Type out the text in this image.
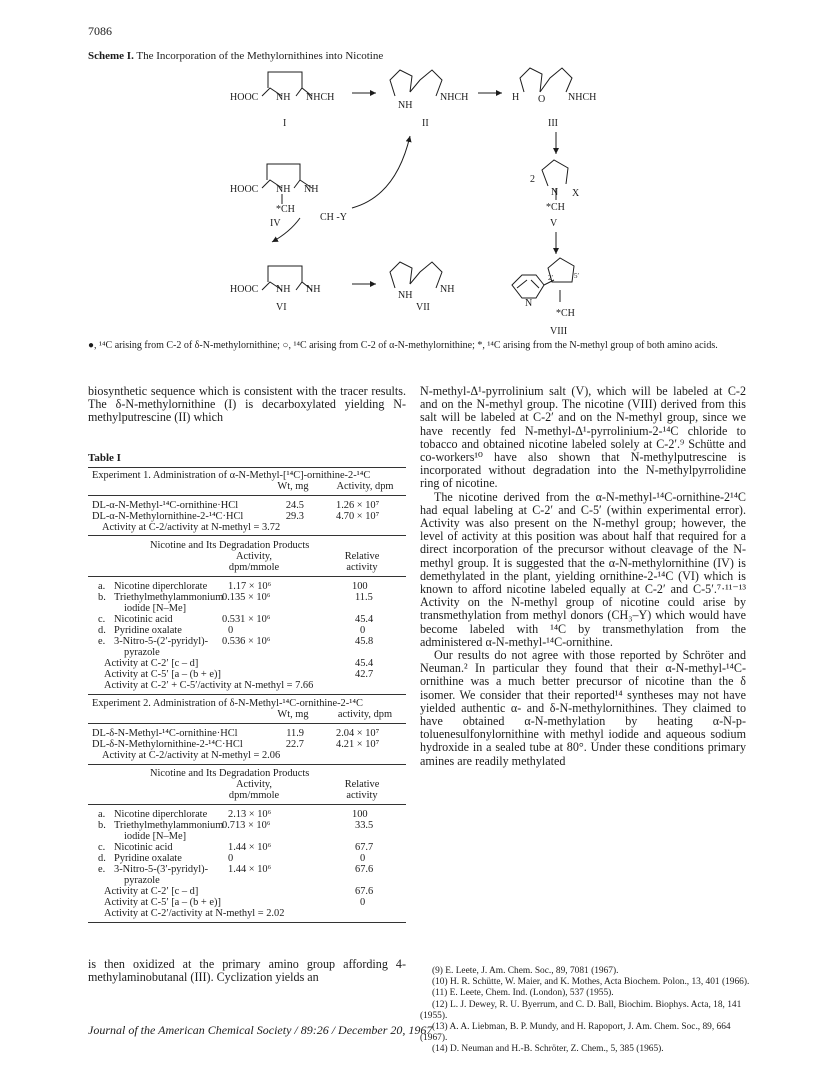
7086
Scheme I. The Incorporation of the Methylornithines into Nicotine
HOOC NH NHCH
I
NH
NHCH
II
H O NHCH
III
2
N X
*CH
V
HOOC NH NH
*CH
IV
CH -Y
HOOC NH NH
VI
NH
NH
VII	N
*CH
2′	5′
VIII
●, ¹⁴C arising from C-2 of δ-N-methylornithine; ○, ¹⁴C arising from C-2 of α-N-methylornithine; *, ¹⁴C arising from the N-methyl group of both amino acids.

biosynthetic sequence which is consistent with the tracer results. The δ-N-methylornithine (I) is decarboxylated yielding N-methylputrescine (II) which

Table I
Experiment 1. Administration of α-N-Methyl-[¹⁴C]-ornithine-2-¹⁴C
Wt, mg	Activity, dpm
DL-α-N-Methyl-¹⁴C-ornithine·HCl	24.5	1.26 × 10⁷
DL-α-N-Methylornithine-2-¹⁴C·HCl	29.3	4.70 × 10⁷
Activity at C-2/activity at N-methyl = 3.72
Nicotine and Its Degradation Products
Activity,	Relative
dpm/mmole	activity
a. Nicotine diperchlorate 1.17 × 10⁶	100
b. Triethylmethylammonium
iodide [N–Me]
0.135 × 10⁶	11.5
c. Nicotinic acid	0.531 × 10⁶	45.4
d. Pyridine oxalate	0	0
e. 3-Nitro-5-(2′-pyridyl)-
pyrazole
0.536 × 10⁶	45.8
Activity at C-2′ [c – d]	45.4
Activity at C-5′ [a – (b + e)]	42.7
Activity at C-2′ + C-5′/activity at N-methyl = 7.66
Experiment 2. Administration of δ-N-Methyl-¹⁴C-ornithine-2-¹⁴C
Wt, mg	activity, dpm
DL-δ-N-Methyl-¹⁴C-ornithine·HCl	11.9	2.04 × 10⁷
DL-δ-N-Methylornithine-2-¹⁴C·HCl	22.7	4.21 × 10⁷
Activity at C-2/activity at N-methyl = 2.06
Nicotine and Its Degradation Products
Activity,	Relative
dpm/mmole	activity
a. Nicotine diperchlorate 2.13 × 10⁶	100
b. Triethylmethylammonium
iodide [N–Me]
0.713 × 10⁶	33.5
c. Nicotinic acid	1.44 × 10⁶	67.7
d. Pyridine oxalate	0	0
e. 3-Nitro-5-(3′-pyridyl)-
pyrazole
1.44 × 10⁶	67.6
Activity at C-2′ [c – d]	67.6
Activity at C-5′ [a – (b + e)]	0
Activity at C-2′/activity at N-methyl = 2.02

is then oxidized at the primary amino group affording 4-methylaminobutanal (III). Cyclization yields an

N-methyl-Δ¹-pyrrolinium salt (V), which will be labeled at C-2 and on the N-methyl group. The nicotine (VIII) derived from this salt will be labeled at C-2′ and on the N-methyl group, since we have recently fed N-methyl-Δ¹-pyrrolinium-2-¹⁴C chloride to tobacco and obtained nicotine labeled solely at C-2′.⁹ Schütte and co-workers¹⁰ have also shown that N-methylputrescine is incorporated without degradation into the N-methylpyrrolidine ring of nicotine.

The nicotine derived from the α-N-methyl-¹⁴C-ornithine-2¹⁴C had equal labeling at C-2′ and C-5′ (within experimental error). Activity was also present on the N-methyl group; however, the level of activity at this position was about half that required for a direct incorporation of the precursor without cleavage of the N-methyl group. It is suggested that the α-N-methylornithine (IV) is demethylated in the plant, yielding ornithine-2-¹⁴C (VI) which is known to afford nicotine labeled equally at C-2′ and C-5′.⁷·¹¹⁻¹³ Activity on the N-methyl group of nicotine could arise by transmethylation from methyl donors (CH₃–Y) which would have become labeled with ¹⁴C by transmethylation from the administered α-N-methyl-¹⁴C-ornithine.

Our results do not agree with those reported by Schröter and Neuman.² In particular they found that their α-N-methyl-¹⁴C-ornithine was a much better precursor of nicotine than the δ isomer. We consider that their reported¹⁴ syntheses may not have yielded authentic α- and δ-N-methylornithines. They claimed to have obtained α-N-methylation by heating α-N-p-toluenesulfonylornithine with methyl iodide and aqueous sodium hydroxide in a sealed tube at 80°. Under these conditions primary amines are readily methylated

(9) E. Leete, J. Am. Chem. Soc., 89, 7081 (1967).
(10) H. R. Schütte, W. Maier, and K. Mothes, Acta Biochem. Polon., 13, 401 (1966).
(11) E. Leete, Chem. Ind. (London), 537 (1955).
(12) L. J. Dewey, R. U. Byerrum, and C. D. Ball, Biochim. Biophys. Acta, 18, 141 (1955).
(13) A. A. Liebman, B. P. Mundy, and H. Rapoport, J. Am. Chem. Soc., 89, 664 (1967).
(14) D. Neuman and H.-B. Schröter, Z. Chem., 5, 385 (1965).
Journal of the American Chemical Society / 89:26 / December 20, 1967
